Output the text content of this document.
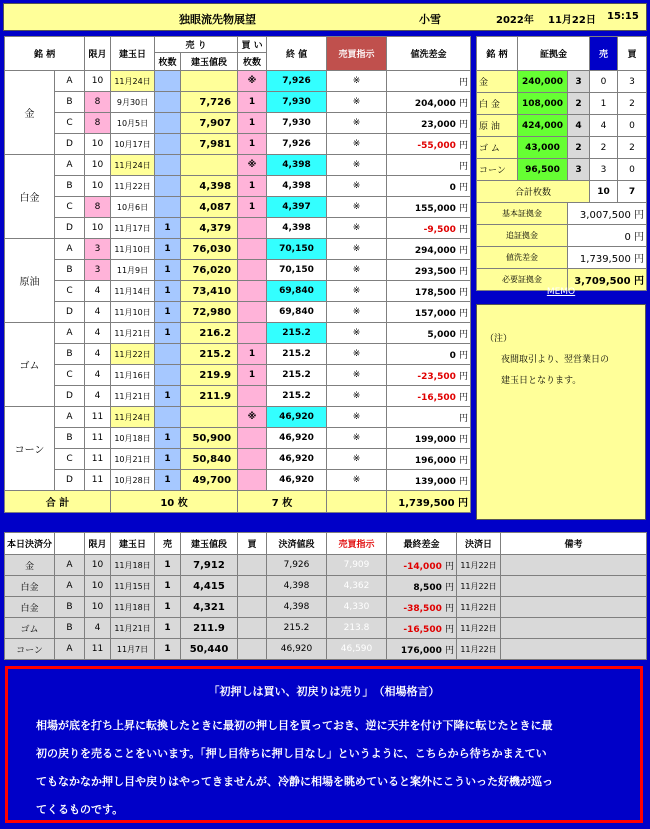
独眼流先物展望	小雪	2022年 11月22日 15:15
銘 柄		限月	建玉日	売 り		買 い	終 値	売買指示	値洗差金
				枚数	建玉値段	枚数			
金	A	10	11月24日			※	7,926	※	円
	B	8	9月30日		7,726	1	7,930	※	204,000 円
	C	8	10月5日		7,907	1	7,930	※	23,000 円
	D	10	10月17日		7,981	1	7,926	※	-55,000 円
白金	A	10	11月24日			※	4,398	※	円
	B	10	11月22日		4,398	1	4,398	※	0 円
	C	8	10月6日		4,087	1	4,397	※	155,000 円
	D	10	11月17日	1	4,379		4,398	※	-9,500 円
原油	A	3	11月10日	1	76,030		70,150	※	294,000 円
	B	3	11月9日	1	76,020		70,150	※	293,500 円
	C	4	11月14日	1	73,410		69,840	※	178,500 円
	D	4	11月10日	1	72,980		69,840	※	157,000 円
ゴム	A	4	11月21日	1	216.2		215.2	※	5,000 円
	B	4	11月22日		215.2	1	215.2	※	0 円
	C	4	11月16日		219.9	1	215.2	※	-23,500 円
	D	4	11月21日	1	211.9		215.2	※	-16,500 円
コーン	A	11	11月24日			※	46,920	※	円
	B	11	10月18日	1	50,900		46,920	※	199,000 円
	C	11	10月21日	1	50,840		46,920	※	196,000 円
	D	11	10月28日	1	49,700		46,920	※	139,000 円
合 計			10 枚			7 枚			1,739,500 円
銘 柄	証拠金		売	買
金	240,000	3	0	3
白 金	108,000	2	1	2
原 油	424,000	4	4	0
ゴ ム	43,000	2	2	2
コーン	96,500	3	3	0
合計枚数			10	7
基本証拠金		3,007,500 円		
追証拠金		0 円		
値洗差金		1,739,500 円		
必要証拠金		3,709,500 円		
MEMO
（注）
夜間取引より、翌営業日の
建玉日となります。
本日決済分		限月	建玉日	売	建玉値段	買	決済値段	売買指示	最終差金	決済日	備考
金	A	10	11月18日	1	7,912		7,926	7,909	-14,000 円	11月22日	
白金	A	10	11月15日	1	4,415		4,398	4,362	8,500 円	11月22日	
白金	B	10	11月18日	1	4,321		4,398	4,330	-38,500 円	11月22日	
ゴム	B	4	11月21日	1	211.9		215.2	213.8	-16,500 円	11月22日	
コーン	A	11	11月7日	1	50,440		46,920	46,590	176,000 円	11月22日	
「初押しは買い、初戻りは売り」　（相場格言）
相場が底を打ち上昇に転換したときに最初の押し目を買っておき、逆に天井を付け下降に転じたときに最
初の戻りを売ることをいいます。「押し目待ちに押し目なし」というように、こちらから待ちかまえてい
てもなかなか押し目や戻りはやってきませんが、冷静に相場を眺めていると案外にこういった好機が巡っ
てくるものです。
